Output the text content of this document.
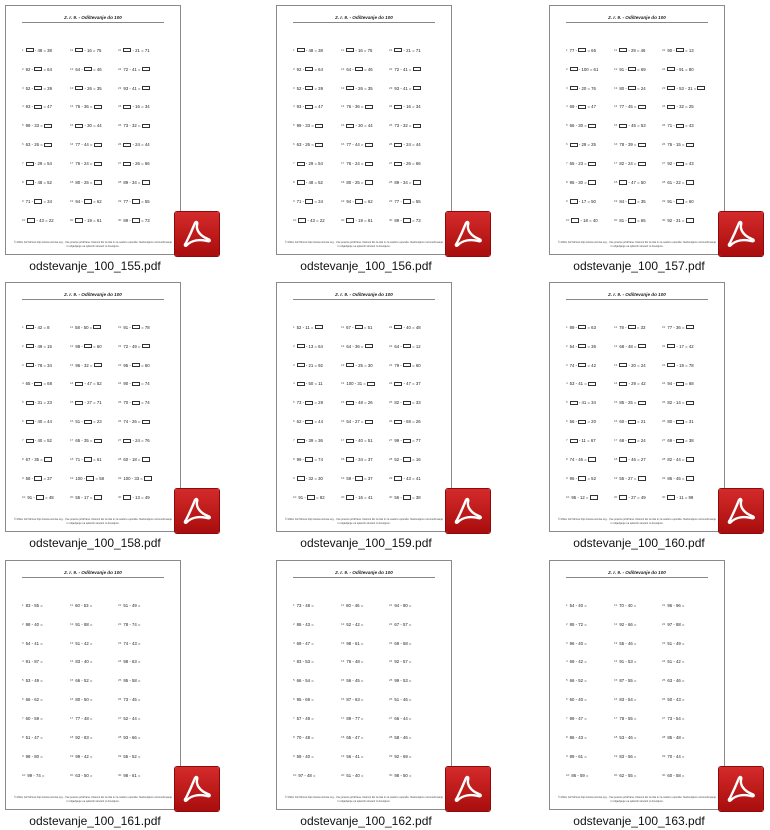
2. r. 9. - Odštevanje do 100
$^1$ - 48 = 38
$^2$ 92 -  = 64
$^3$ 52 -  = 39
$^4$ 93 -  = 47
$^5$ 99 - 33 =
$^6$ 63 - 26 =
$^7$ - 29 = 54
$^8$ - 48 = 52
$^9$ 71 -  = 34
$^{10}$ - 43 = 22
$^{11}$ - 16 = 75
$^{12}$ 64 -  = 46
$^{13}$ - 26 = 35
$^{14}$ 76 - 36 =
$^{15}$ - 30 = 44
$^{16}$ 77 - 44 =
$^{17}$ 76 - 24 =
$^{18}$ 80 - 25 =
$^{19}$ 94 -  = 62
$^{20}$ - 19 = 61
$^{21}$ - 21 = 71
$^{22}$ 72 - 41 =
$^{23}$ 93 - 41 =
$^{24}$ - 16 = 34
$^{25}$ 73 - 32 =
$^{26}$ - 24 = 44
$^{27}$ - 26 = 66
$^{28}$ 89 - 34 =
$^{29}$ 77 -  = 55
$^{30}$ 89 -  = 73
© Mirko Ivič Mrvica http://www.ucimise.org - Vse pravice pridržane. Delovni list za tisk in za osebno uporabo. Nedovoljeno razmnoževanje in objavljanje na spletnih straneh ni dovoljeno.
odstevanje_100_155.pdf
2. r. 9. - Odštevanje do 100
$^1$ - 48 = 38
$^2$ 92 -  = 64
$^3$ 52 -  = 39
$^4$ 93 -  = 47
$^5$ 99 - 33 =
$^6$ 63 - 26 =
$^7$ - 29 = 54
$^8$ - 48 = 52
$^9$ 71 -  = 34
$^{10}$ - 43 = 22
$^{11}$ - 16 = 75
$^{12}$ 64 -  = 46
$^{13}$ - 26 = 35
$^{14}$ 76 - 36 =
$^{15}$ - 30 = 44
$^{16}$ 77 - 44 =
$^{17}$ 76 - 24 =
$^{18}$ 80 - 25 =
$^{19}$ 94 -  = 62
$^{20}$ - 19 = 61
$^{21}$ - 21 = 71
$^{22}$ 72 - 41 =
$^{23}$ 93 - 41 =
$^{24}$ - 16 = 34
$^{25}$ 73 - 32 =
$^{26}$ - 24 = 44
$^{27}$ - 26 = 66
$^{28}$ 89 - 34 =
$^{29}$ 77 -  = 55
$^{30}$ 89 -  = 73
© Mirko Ivič Mrvica http://www.ucimise.org - Vse pravice pridržane. Delovni list za tisk in za osebno uporabo. Nedovoljeno razmnoževanje in objavljanje na spletnih straneh ni dovoljeno.
odstevanje_100_156.pdf
2. r. 9. - Odštevanje do 100
$^1$ 77 -  = 65
$^2$ - 100 = 61
$^3$ - 20 = 76
$^4$ 69 -  = 47
$^5$ 66 - 30 =
$^6$ - 29 = 25
$^7$ 65 - 23 =
$^8$ 95 - 30 =
$^9$ - 17 = 50
$^{10}$ - 18 = 40
$^{11}$ - 29 = 46
$^{12}$ 91 -  = 69
$^{13}$ 80 -  = 24
$^{14}$ 77 - 45 =
$^{15}$ - 45 = 53
$^{16}$ 78 - 39 =
$^{17}$ 82 - 24 =
$^{18}$ - 47 = 50
$^{19}$ 84 -  = 35
$^{20}$ 81 -  = 65
$^{21}$ 90 -  = 13
$^{22}$ - 91 = 80
$^{23}$ - 53 - 31 =
$^{24}$ - 32 = 25
$^{25}$ 71 -  = 43
$^{26}$ 76 - 15 =
$^{27}$ 92 -  = 43
$^{28}$ 61 - 22 =
$^{29}$ 91 -  = 60
$^{30}$ 92 - 31 =
© Mirko Ivič Mrvica http://www.ucimise.org - Vse pravice pridržane. Delovni list za tisk in za osebno uporabo. Nedovoljeno razmnoževanje in objavljanje na spletnih straneh ni dovoljeno.
odstevanje_100_157.pdf
2. r. 9. - Odštevanje do 100
$^1$ - 42 = 8
$^2$ - 49 = 15
$^3$ - 78 = 34
$^4$ 65 -  = 68
$^5$ - 31 = 23
$^6$ - 40 = 44
$^7$ - 40 = 52
$^8$ 67 - 35 =
$^9$ 58 -  = 37
$^{10}$ 91 -  = 48
$^{11}$ 58 - 50 =
$^{12}$ 98 -  = 60
$^{13}$ 96 - 32 =
$^{14}$ - 47 = 52
$^{15}$ - 27 = 71
$^{16}$ 51 -  = 23
$^{17}$ 65 - 35 =
$^{18}$ 71 -  = 61
$^{19}$ 100 -  = 58
$^{20}$ 55 - 17 =
$^{21}$ 91 -  = 78
$^{22}$ 72 - 49 =
$^{23}$ 95 -  = 60
$^{24}$ 90 -  = 74
$^{25}$ 70 -  = 74
$^{26}$ 74 - 26 =
$^{27}$ - 24 = 76
$^{28}$ 60 - 18 =
$^{29}$ 100 - 33 =
$^{30}$ - 13 = 49
© Mirko Ivič Mrvica http://www.ucimise.org - Vse pravice pridržane. Delovni list za tisk in za osebno uporabo. Nedovoljeno razmnoževanje in objavljanje na spletnih straneh ni dovoljeno.
odstevanje_100_158.pdf
2. r. 9. - Odštevanje do 100
$^1$ 52 - 11 =
$^2$ - 13 = 64
$^3$ - 21 = 92
$^4$ - 50 = 11
$^5$ 73 -  = 29
$^6$ 62 -  = 44
$^7$ - 39 = 36
$^8$ 99 -  = 74
$^9$ - 32 = 30
$^{10}$ 91 -  = 82
$^{11}$ 67 -  = 51
$^{12}$ 64 - 36 =
$^{13}$ - 25 = 30
$^{14}$ 100 - 31 =
$^{15}$ - 48 = 26
$^{16}$ 54 - 27 =
$^{17}$ - 40 = 51
$^{18}$ - 34 = 37
$^{19}$ 59 -  = 37
$^{20}$ - 16 = 41
$^{21}$ - 40 = 48
$^{22}$ 64 -  = 12
$^{23}$ 79 -  = 60
$^{24}$ - 47 = 37
$^{25}$ 82 -  = 33
$^{26}$ - 69 = 26
$^{27}$ 99 -  = 77
$^{28}$ 52 -  = 16
$^{29}$ - 43 = 41
$^{30}$ 56 -  = 38
© Mirko Ivič Mrvica http://www.ucimise.org - Vse pravice pridržane. Delovni list za tisk in za osebno uporabo. Nedovoljeno razmnoževanje in objavljanje na spletnih straneh ni dovoljeno.
odstevanje_100_159.pdf
2. r. 9. - Odštevanje do 100
$^1$ 89 -  = 63
$^2$ 54 -  = 36
$^3$ 74 -  = 42
$^4$ 53 - 41 =
$^5$ - 41 = 34
$^6$ 56 -  = 20
$^7$ - 11 = 67
$^8$ 74 - 46 =
$^9$ 96 -  = 52
$^{10}$ 95 - 12 =
$^{11}$ 78 -  = 33
$^{12}$ 68 - 48 =
$^{13}$ - 20 = 24
$^{14}$ - 29 = 42
$^{15}$ 85 - 25 =
$^{16}$ 60 -  = 21
$^{17}$ 68 -  = 24
$^{18}$ - 46 = 27
$^{19}$ 55 - 27 =
$^{20}$ - 27 = 49
$^{21}$ 77 - 36 =
$^{22}$ - 17 = 42
$^{23}$ - 19 = 78
$^{24}$ 94 -  = 68
$^{25}$ 82 - 14 =
$^{26}$ 80 -  = 31
$^{27}$ 69 -  = 38
$^{28}$ 82 - 44 =
$^{29}$ 86 - 45 =
$^{30}$ - 11 = 99
© Mirko Ivič Mrvica http://www.ucimise.org - Vse pravice pridržane. Delovni list za tisk in za osebno uporabo. Nedovoljeno razmnoževanje in objavljanje na spletnih straneh ni dovoljeno.
odstevanje_100_160.pdf
2. r. 9. - Odštevanje do 100
$^1$ 83 - 55 =
$^2$ 98 - 40 =
$^3$ 54 - 41 =
$^4$ 91 - 87 =
$^5$ 53 - 49 =
$^6$ 66 - 62 =
$^7$ 60 - 59 =
$^8$ 51 - 47 =
$^9$ 98 - 80 =
$^{10}$ 99 - 74 =
$^{11}$ 60 - 53 =
$^{12}$ 91 - 88 =
$^{13}$ 51 - 42 =
$^{14}$ 83 - 40 =
$^{15}$ 66 - 52 =
$^{16}$ 80 - 50 =
$^{17}$ 77 - 48 =
$^{18}$ 92 - 83 =
$^{19}$ 99 - 42 =
$^{20}$ 63 - 50 =
$^{21}$ 51 - 49 =
$^{22}$ 78 - 74 =
$^{23}$ 74 - 43 =
$^{24}$ 98 - 63 =
$^{25}$ 95 - 58 =
$^{26}$ 73 - 45 =
$^{27}$ 52 - 44 =
$^{28}$ 93 - 66 =
$^{29}$ 55 - 52 =
$^{30}$ 98 - 61 =
© Mirko Ivič Mrvica http://www.ucimise.org - Vse pravice pridržane. Delovni list za tisk in za osebno uporabo. Nedovoljeno razmnoževanje in objavljanje na spletnih straneh ni dovoljeno.
odstevanje_100_161.pdf
2. r. 9. - Odštevanje do 100
$^1$ 73 - 48 =
$^2$ 86 - 43 =
$^3$ 69 - 47 =
$^4$ 83 - 53 =
$^5$ 66 - 54 =
$^6$ 95 - 69 =
$^7$ 57 - 49 =
$^8$ 70 - 48 =
$^9$ 59 - 40 =
$^{10}$ 97 - 48 =
$^{11}$ 80 - 46 =
$^{12}$ 52 - 42 =
$^{13}$ 98 - 61 =
$^{14}$ 76 - 48 =
$^{15}$ 56 - 45 =
$^{16}$ 87 - 63 =
$^{17}$ 89 - 77 =
$^{18}$ 65 - 47 =
$^{19}$ 56 - 41 =
$^{20}$ 51 - 40 =
$^{21}$ 94 - 80 =
$^{22}$ 67 - 57 =
$^{23}$ 69 - 58 =
$^{24}$ 92 - 57 =
$^{25}$ 99 - 53 =
$^{26}$ 51 - 46 =
$^{27}$ 66 - 44 =
$^{28}$ 58 - 46 =
$^{29}$ 92 - 69 =
$^{30}$ 98 - 50 =
© Mirko Ivič Mrvica http://www.ucimise.org - Vse pravice pridržane. Delovni list za tisk in za osebno uporabo. Nedovoljeno razmnoževanje in objavljanje na spletnih straneh ni dovoljeno.
odstevanje_100_162.pdf
2. r. 9. - Odštevanje do 100
$^1$ 54 - 40 =
$^2$ 95 - 72 =
$^3$ 96 - 40 =
$^4$ 69 - 42 =
$^5$ 66 - 52 =
$^6$ 60 - 40 =
$^7$ 99 - 47 =
$^8$ 86 - 43 =
$^9$ 89 - 61 =
$^{10}$ 86 - 59 =
$^{11}$ 70 - 40 =
$^{12}$ 92 - 66 =
$^{13}$ 55 - 46 =
$^{14}$ 91 - 53 =
$^{15}$ 87 - 55 =
$^{16}$ 83 - 54 =
$^{17}$ 78 - 55 =
$^{18}$ 53 - 46 =
$^{19}$ 83 - 56 =
$^{20}$ 62 - 55 =
$^{21}$ 96 - 96 =
$^{22}$ 97 - 88 =
$^{23}$ 51 - 49 =
$^{24}$ 51 - 42 =
$^{25}$ 63 - 46 =
$^{26}$ 50 - 43 =
$^{27}$ 73 - 54 =
$^{28}$ 85 - 48 =
$^{29}$ 70 - 44 =
$^{30}$ 60 - 58 =
© Mirko Ivič Mrvica http://www.ucimise.org - Vse pravice pridržane. Delovni list za tisk in za osebno uporabo. Nedovoljeno razmnoževanje in objavljanje na spletnih straneh ni dovoljeno.
odstevanje_100_163.pdf
